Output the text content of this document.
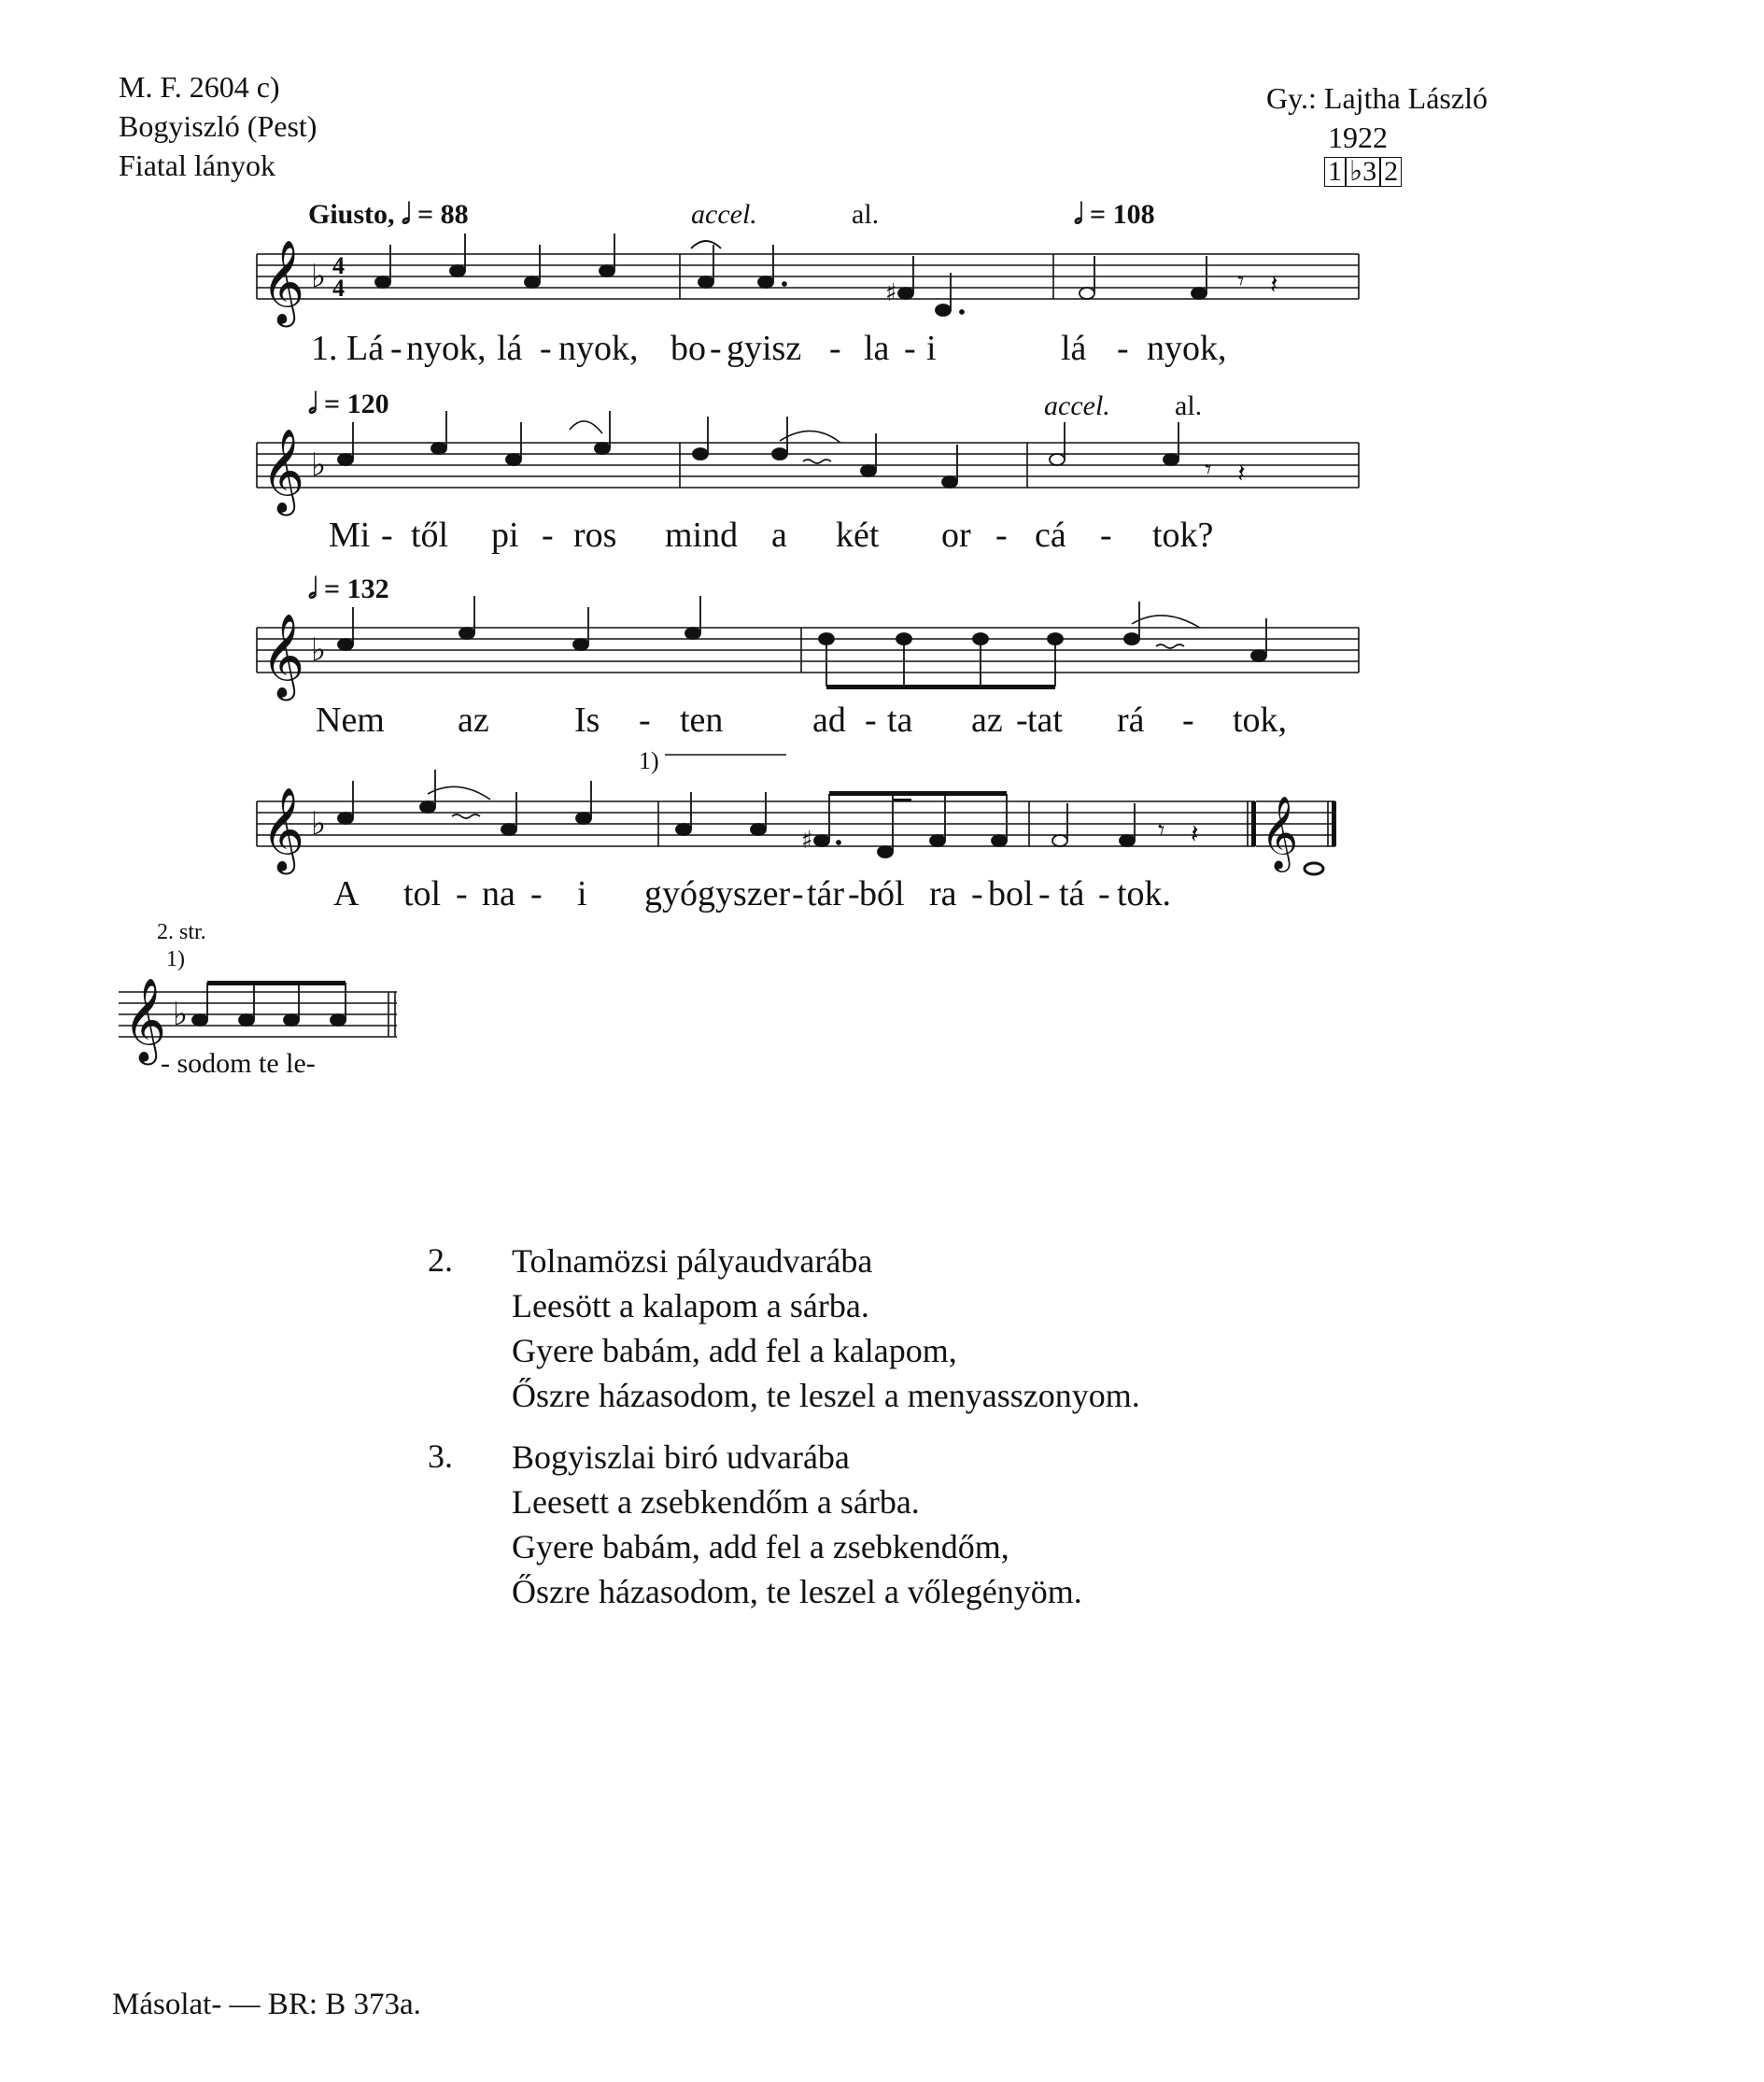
M. F. 2604 c)
Bogyiszló (Pest)
Fiatal lányok
Gy.: Lajtha László
1922
1 ♭3 2
Giusto, 𝅗𝅥 = 88	accel.	al.	𝅗𝅥 = 108
𝄞 ♭ 4
4	♯	𝄾 𝄽
1. Lá - nyok, lá - nyok, bo - gyisz - la - i	lá - nyok,
𝅗𝅥 = 120	accel. al.
𝄞 ♭	𝄾 𝄽
Mi - től pi - ros mind a két or - cá - tok?
𝅗𝅥 = 132
𝄞 ♭
Nem az Is - ten	ad - ta az - tat rá - tok,
1)
𝄞 ♭	♯	𝄾 𝄽 𝄞
A tol - na - i gyógyszer - tár - ból ra - bol - tá - tok.
2. str.
1)
𝄞 ♭
- sodom te le-
2. Tolnamözsi pályaudvarába
Leesött a kalapom a sárba.
Gyere babám, add fel a kalapom,
Őszre házasodom, te leszel a menyasszonyom.
3. Bogyiszlai biró udvarába
Leesett a zsebkendőm a sárba.
Gyere babám, add fel a zsebkendőm,
Őszre házasodom, te leszel a vőlegényöm.
Másolat- — BR: B 373a.
